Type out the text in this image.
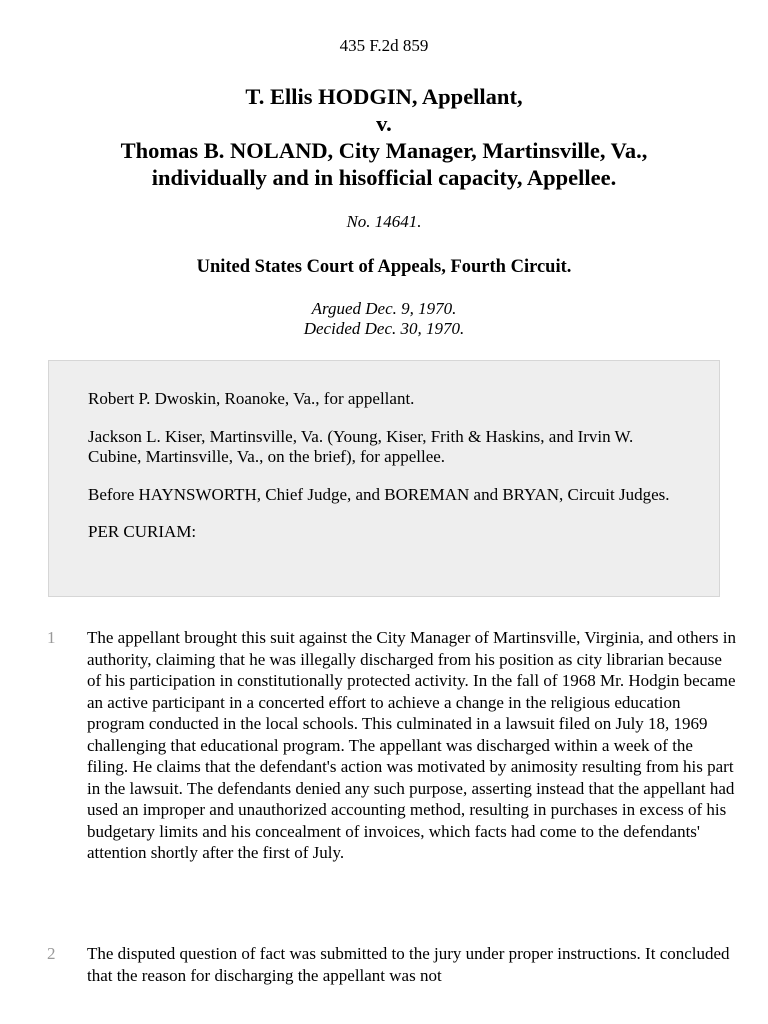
435 F.2d 859
T. Ellis HODGIN, Appellant,
v.
Thomas B. NOLAND, City Manager, Martinsville, Va.,
individually and in hisofficial capacity, Appellee.
No. 14641.
United States Court of Appeals, Fourth Circuit.
Argued Dec. 9, 1970.
Decided Dec. 30, 1970.

Robert P. Dwoskin, Roanoke, Va., for appellant.

Jackson L. Kiser, Martinsville, Va. (Young, Kiser, Frith & Haskins, and Irvin W. Cubine, Martinsville, Va., on the brief), for appellee.

Before HAYNSWORTH, Chief Judge, and BOREMAN and BRYAN, Circuit Judges.

PER CURIAM:

1 The appellant brought this suit against the City Manager of Martinsville, Virginia, and others in authority, claiming that he was illegally discharged from his position as city librarian because of his participation in constitutionally protected activity. In the fall of 1968 Mr. Hodgin became an active participant in a concerted effort to achieve a change in the religious education program conducted in the local schools. This culminated in a lawsuit filed on July 18, 1969 challenging that educational program. The appellant was discharged within a week of the filing. He claims that the defendant's action was motivated by animosity resulting from his part in the lawsuit. The defendants denied any such purpose, asserting instead that the appellant had used an improper and unauthorized accounting method, resulting in purchases in excess of his budgetary limits and his concealment of invoices, which facts had come to the defendants' attention shortly after the first of July.

2 The disputed question of fact was submitted to the jury under proper instructions. It concluded that the reason for discharging the appellant was not
